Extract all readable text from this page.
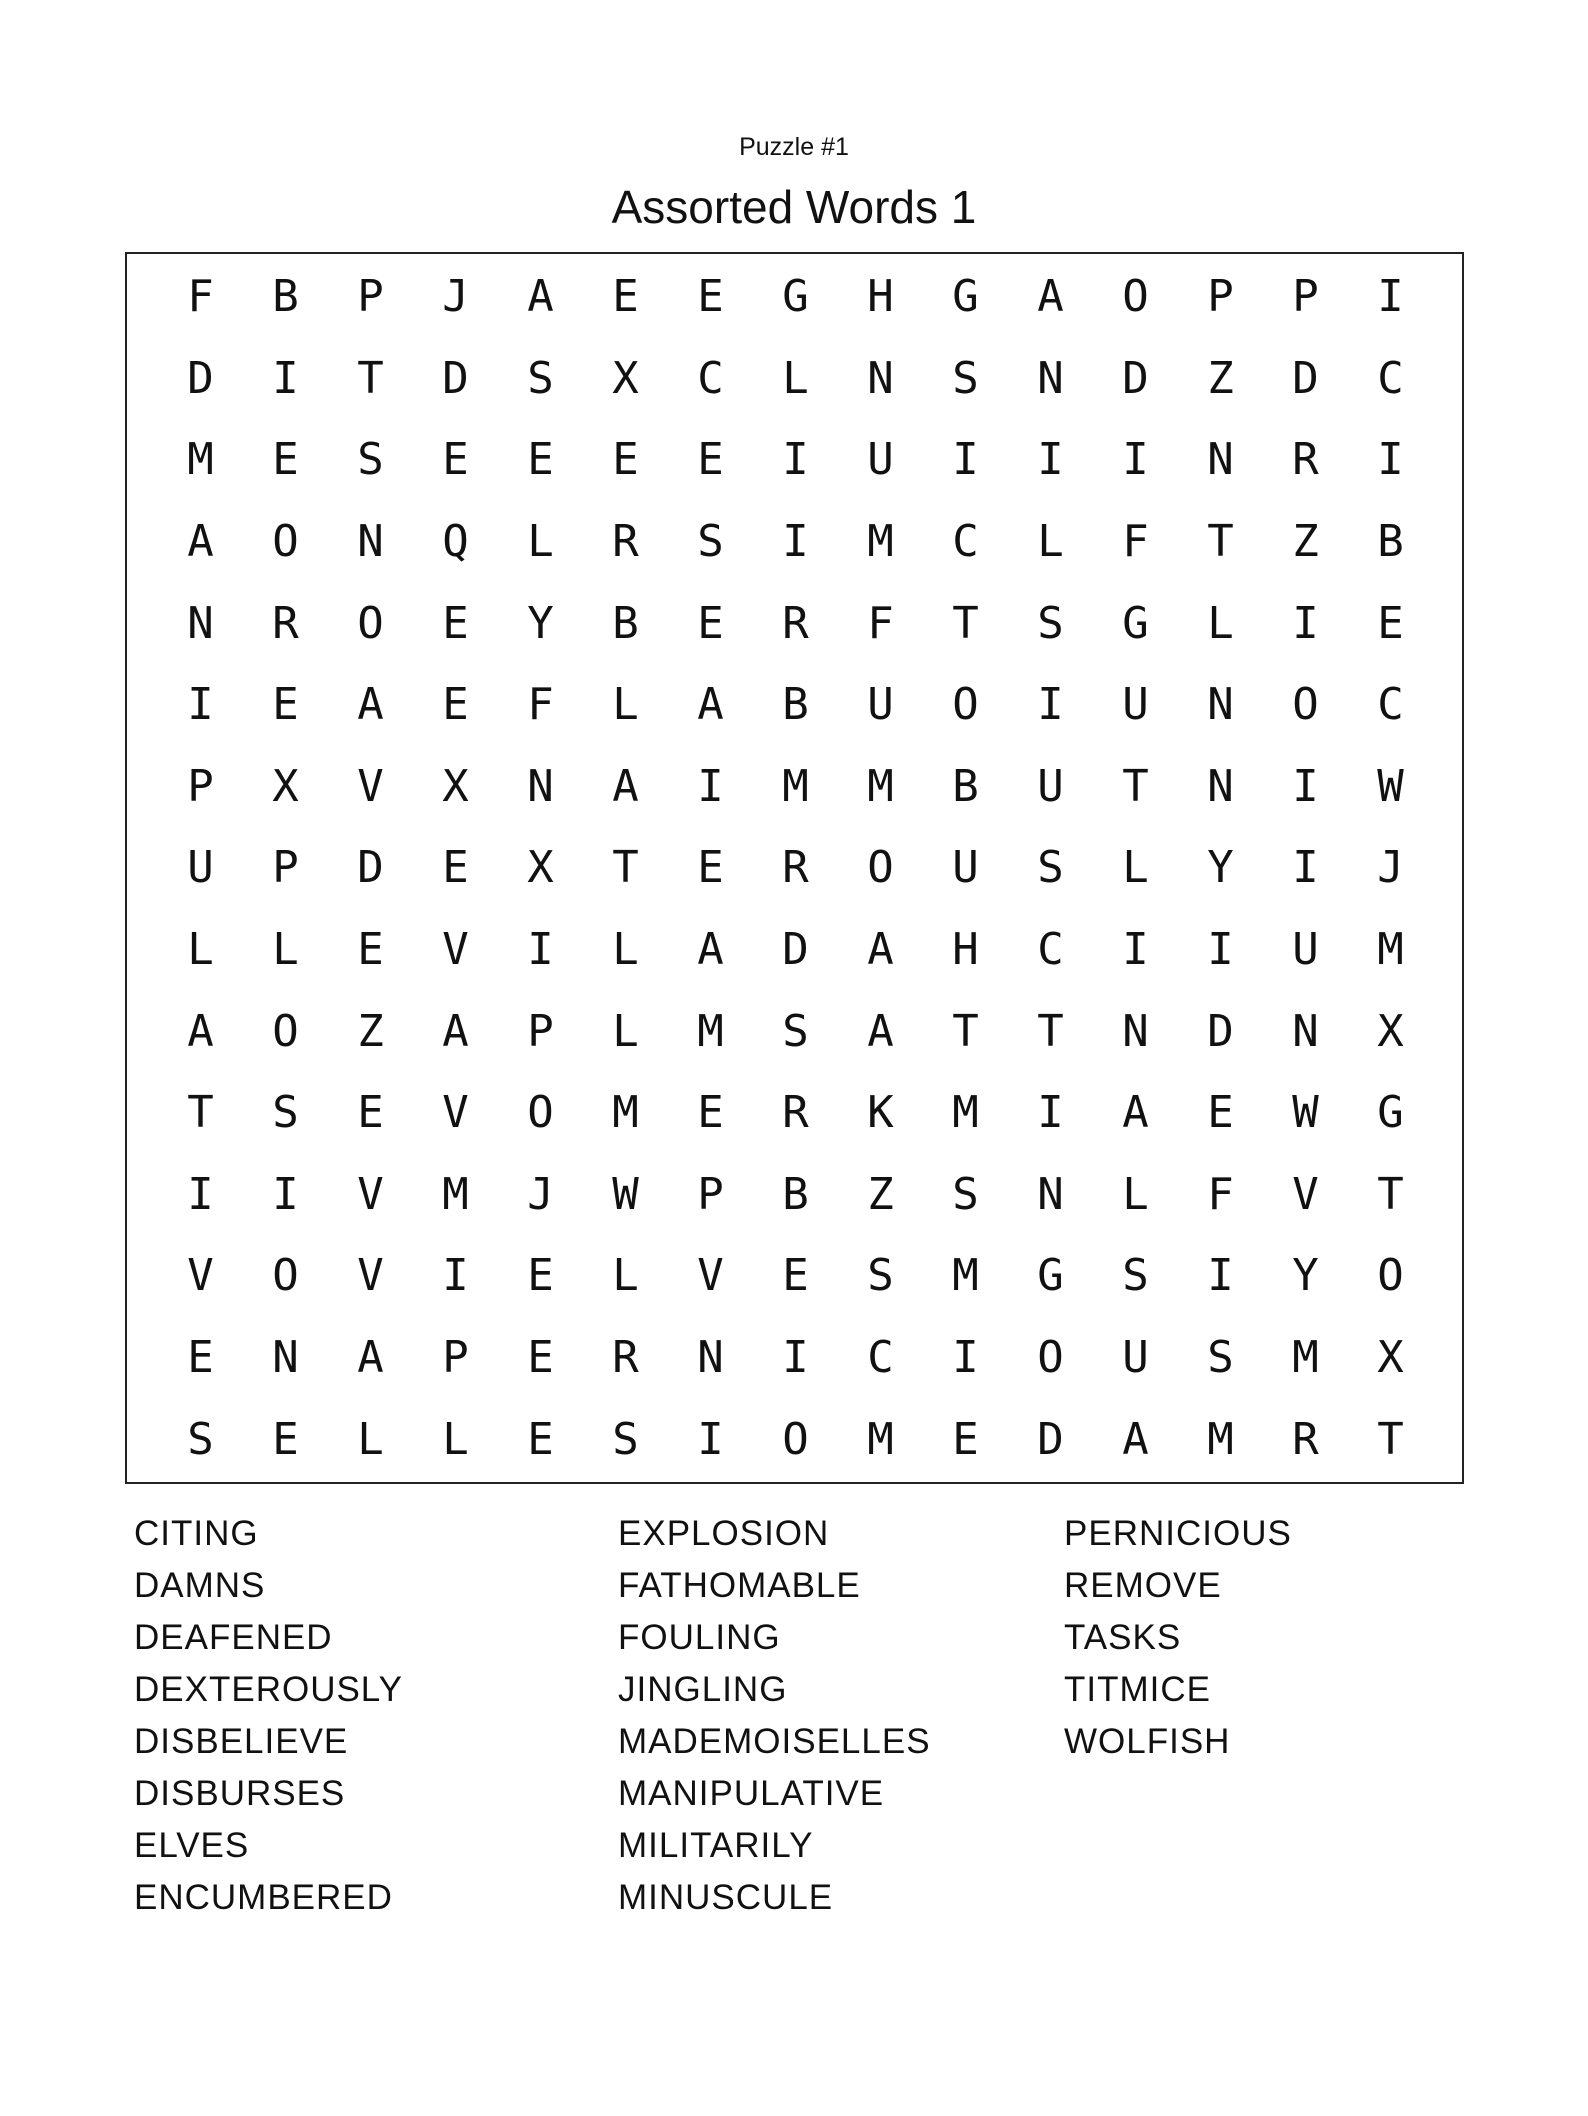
Puzzle #1
Assorted Words 1
F	B	P	J	A	E	E	G	H	G	A	O	P	P	I
D	I	T	D	S	X	C	L	N	S	N	D	Z	D	C
M	E	S	E	E	E	E	I	U	I	I	I	N	R	I
A	O	N	Q	L	R	S	I	M	C	L	F	T	Z	B
N	R	O	E	Y	B	E	R	F	T	S	G	L	I	E
I	E	A	E	F	L	A	B	U	O	I	U	N	O	C
P	X	V	X	N	A	I	M	M	B	U	T	N	I	W
U	P	D	E	X	T	E	R	O	U	S	L	Y	I	J
L	L	E	V	I	L	A	D	A	H	C	I	I	U	M
A	O	Z	A	P	L	M	S	A	T	T	N	D	N	X
T	S	E	V	O	M	E	R	K	M	I	A	E	W	G
I	I	V	M	J	W	P	B	Z	S	N	L	F	V	T
V	O	V	I	E	L	V	E	S	M	G	S	I	Y	O
E	N	A	P	E	R	N	I	C	I	O	U	S	M	X
S	E	L	L	E	S	I	O	M	E	D	A	M	R	T
CITING
DAMNS
DEAFENED
DEXTEROUSLY
DISBELIEVE
DISBURSES
ELVES
ENCUMBERED
EXPLOSION
FATHOMABLE
FOULING
JINGLING
MADEMOISELLES
MANIPULATIVE
MILITARILY
MINUSCULE
PERNICIOUS
REMOVE
TASKS
TITMICE
WOLFISH
